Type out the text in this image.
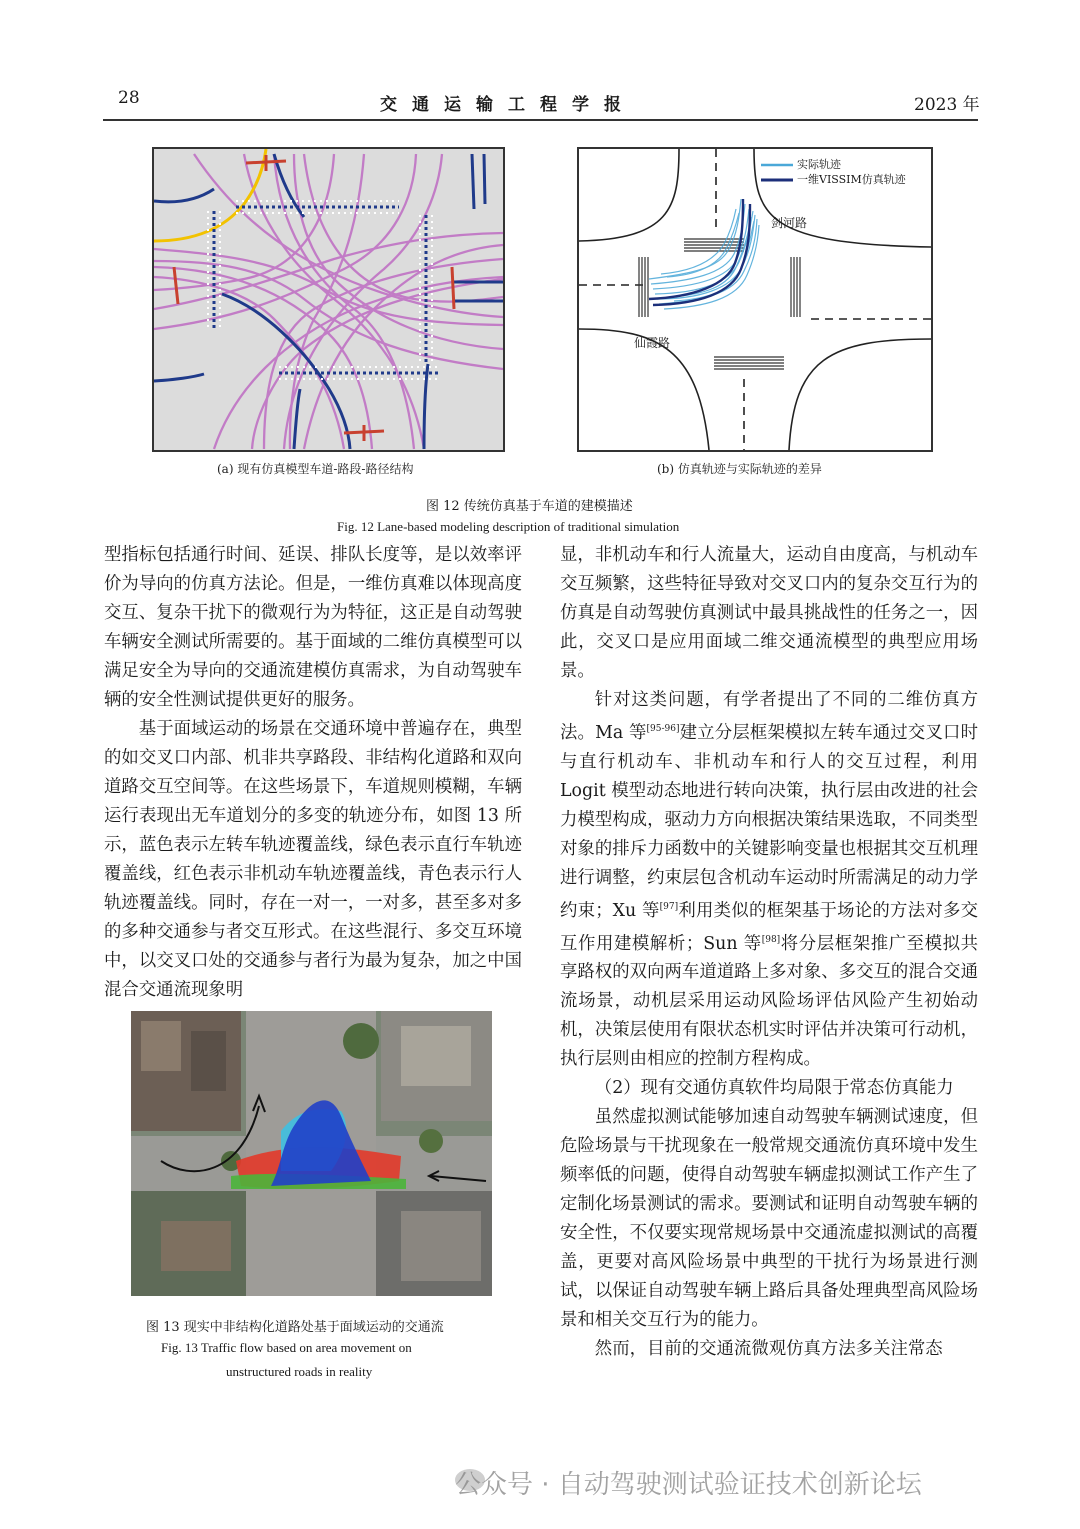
28	交通运输工程学报	2023 年
(a) 现有仿真模型车道-路段-路径结构
实际轨迹
一维VISSIM仿真轨迹
剑河路
仙霞路
(b) 仿真轨迹与实际轨迹的差异
图 12 传统仿真基于车道的建模描述
Fig. 12 Lane-based modeling description of traditional simulation

型指标包括通行时间、延误、排队长度等，是以效率评价为导向的仿真方法论。但是，一维仿真难以体现高度交互、复杂干扰下的微观行为为特征，这正是自动驾驶车辆安全测试所需要的。基于面域的二维仿真模型可以满足安全为导向的交通流建模仿真需求，为自动驾驶车辆的安全性测试提供更好的服务。

基于面域运动的场景在交通环境中普遍存在，典型的如交叉口内部、机非共享路段、非结构化道路和双向道路交互空间等。在这些场景下，车道规则模糊，车辆运行表现出无车道划分的多变的轨迹分布，如图 13 所示，蓝色表示左转车轨迹覆盖线，绿色表示直行车轨迹覆盖线，红色表示非机动车轨迹覆盖线，青色表示行人轨迹覆盖线。同时，存在一对一，一对多，甚至多对多的多种交通参与者交互形式。在这些混行、多交互环境中，以交叉口处的交通参与者行为最为复杂，加之中国混合交通流现象明

图 13 现实中非结构化道路处基于面域运动的交通流
Fig. 13 Traffic flow based on area movement on
unstructured roads in reality

显，非机动车和行人流量大，运动自由度高，与机动车交互频繁，这些特征导致对交叉口内的复杂交互行为的仿真是自动驾驶仿真测试中最具挑战性的任务之一，因此，交叉口是应用面域二维交通流模型的典型应用场景。

针对这类问题，有学者提出了不同的二维仿真方法。Ma 等[95-96]建立分层框架模拟左转车通过交叉口时与直行机动车、非机动车和行人的交互过程，利用 Logit 模型动态地进行转向决策，执行层由改进的社会力模型构成，驱动力方向根据决策结果选取，不同类型对象的排斥力函数中的关键影响变量也根据其交互机理进行调整，约束层包含机动车运动时所需满足的动力学约束；Xu 等[97]利用类似的框架基于场论的方法对多交互作用建模解析；Sun 等[98]将分层框架推广至模拟共享路权的双向两车道道路上多对象、多交互的混合交通流场景，动机层采用运动风险场评估风险产生初始动机，决策层使用有限状态机实时评估并决策可行动机，执行层则由相应的控制方程构成。

（2）现有交通仿真软件均局限于常态仿真能力

虽然虚拟测试能够加速自动驾驶车辆测试速度，但危险场景与干扰现象在一般常规交通流仿真环境中发生频率低的问题，使得自动驾驶车辆虚拟测试工作产生了定制化场景测试的需求。要测试和证明自动驾驶车辆的安全性，不仅要实现常规场景中交通流虚拟测试的高覆盖，更要对高风险场景中典型的干扰行为场景进行测试，以保证自动驾驶车辆上路后具备处理典型高风险场景和相关交互行为的能力。

然而，目前的交通流微观仿真方法多关注常态

公众号 · 自动驾驶测试验证技术创新论坛
